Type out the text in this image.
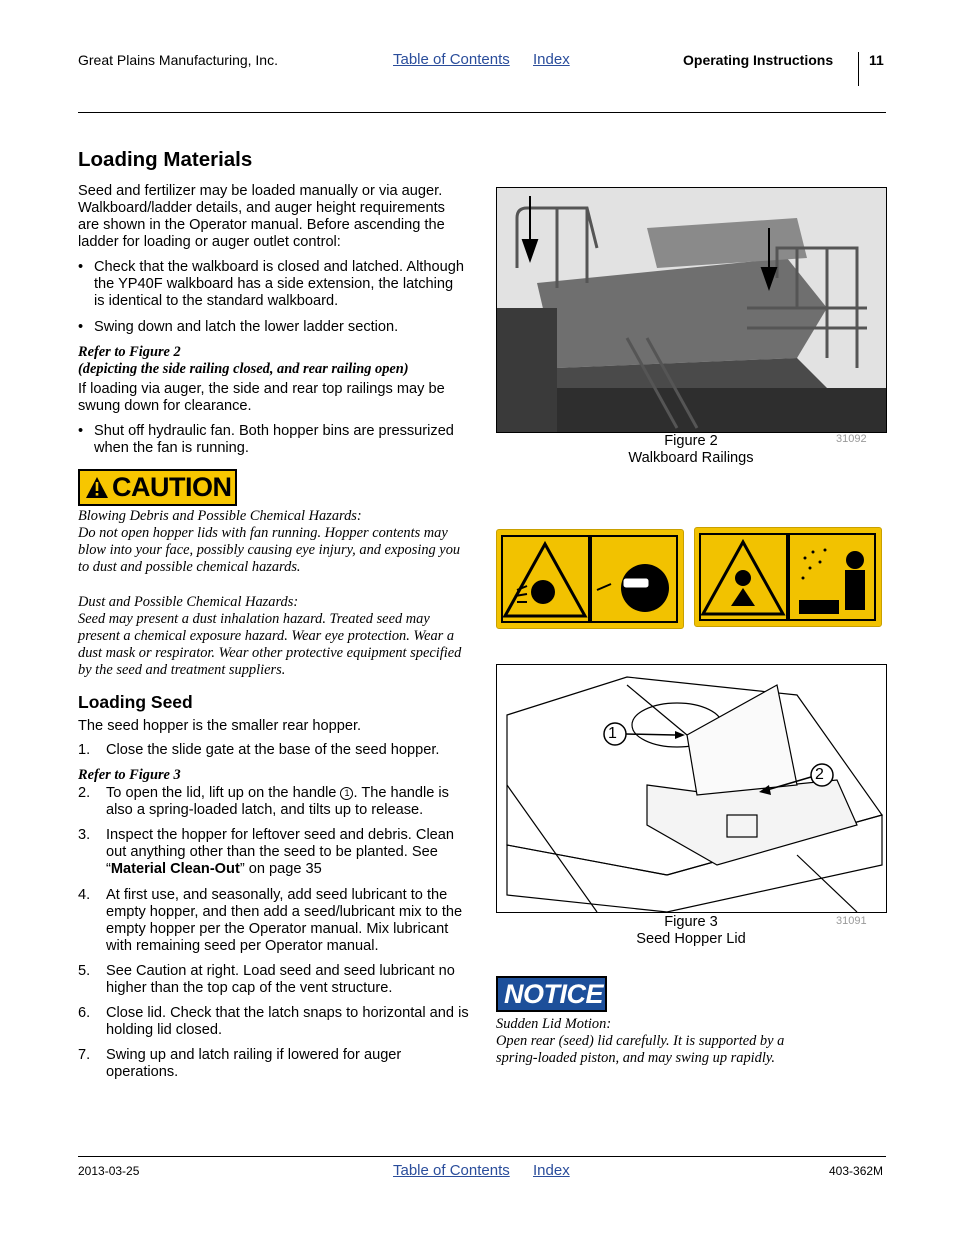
Great Plains Manufacturing, Inc.	Table of Contents Index	Operating Instructions	11
Loading Materials
Seed and fertilizer may be loaded manually or via auger. Walkboard/ladder details, and auger height requirements are shown in the Operator manual. Before ascending the ladder for loading or auger outlet control:
• Check that the walkboard is closed and latched. Although the YP40F walkboard has a side extension, the latching is identical to the standard walkboard.
• Swing down and latch the lower ladder section.
Refer to Figure 2
(depicting the side railing closed, and rear railing open)
If loading via auger, the side and rear top railings may be swung down for clearance.
• Shut off hydraulic fan. Both hopper bins are pressurized when the fan is running.
CAUTION
Blowing Debris and Possible Chemical Hazards:
Do not open hopper lids with fan running. Hopper contents may blow into your face, possibly causing eye injury, and exposing you to dust and possible chemical hazards.
Dust and Possible Chemical Hazards:
Seed may present a dust inhalation hazard. Treated seed may present a chemical exposure hazard. Wear eye protection. Wear a dust mask or respirator. Wear other protective equipment specified by the seed and treatment suppliers.
Loading Seed
The seed hopper is the smaller rear hopper.
1. Close the slide gate at the base of the seed hopper.
Refer to Figure 3
2. To open the lid, lift up on the handle 1 . The handle is also a spring-loaded latch, and tilts up to release.
3. Inspect the hopper for leftover seed and debris. Clean out anything other than the seed to be planted. See “Material Clean-Out” on page 35
4. At first use, and seasonally, add seed lubricant to the empty hopper, and then add a seed/lubricant mix to the empty hopper per the Operator manual. Mix lubricant with remaining seed per Operator manual.
5. See Caution at right. Load seed and seed lubricant no higher than the top cap of the vent structure.
6. Close lid. Check that the latch snaps to horizontal and is holding lid closed.
7. Swing up and latch railing if lowered for auger operations.
Figure 2
Walkboard Railings
31092
1
2
Figure 3
Seed Hopper Lid
31091
NOTICE
Sudden Lid Motion:
Open rear (seed) lid carefully. It is supported by a spring-loaded piston, and may swing up rapidly.
2013-03-25	Table of Contents Index	403-362M
